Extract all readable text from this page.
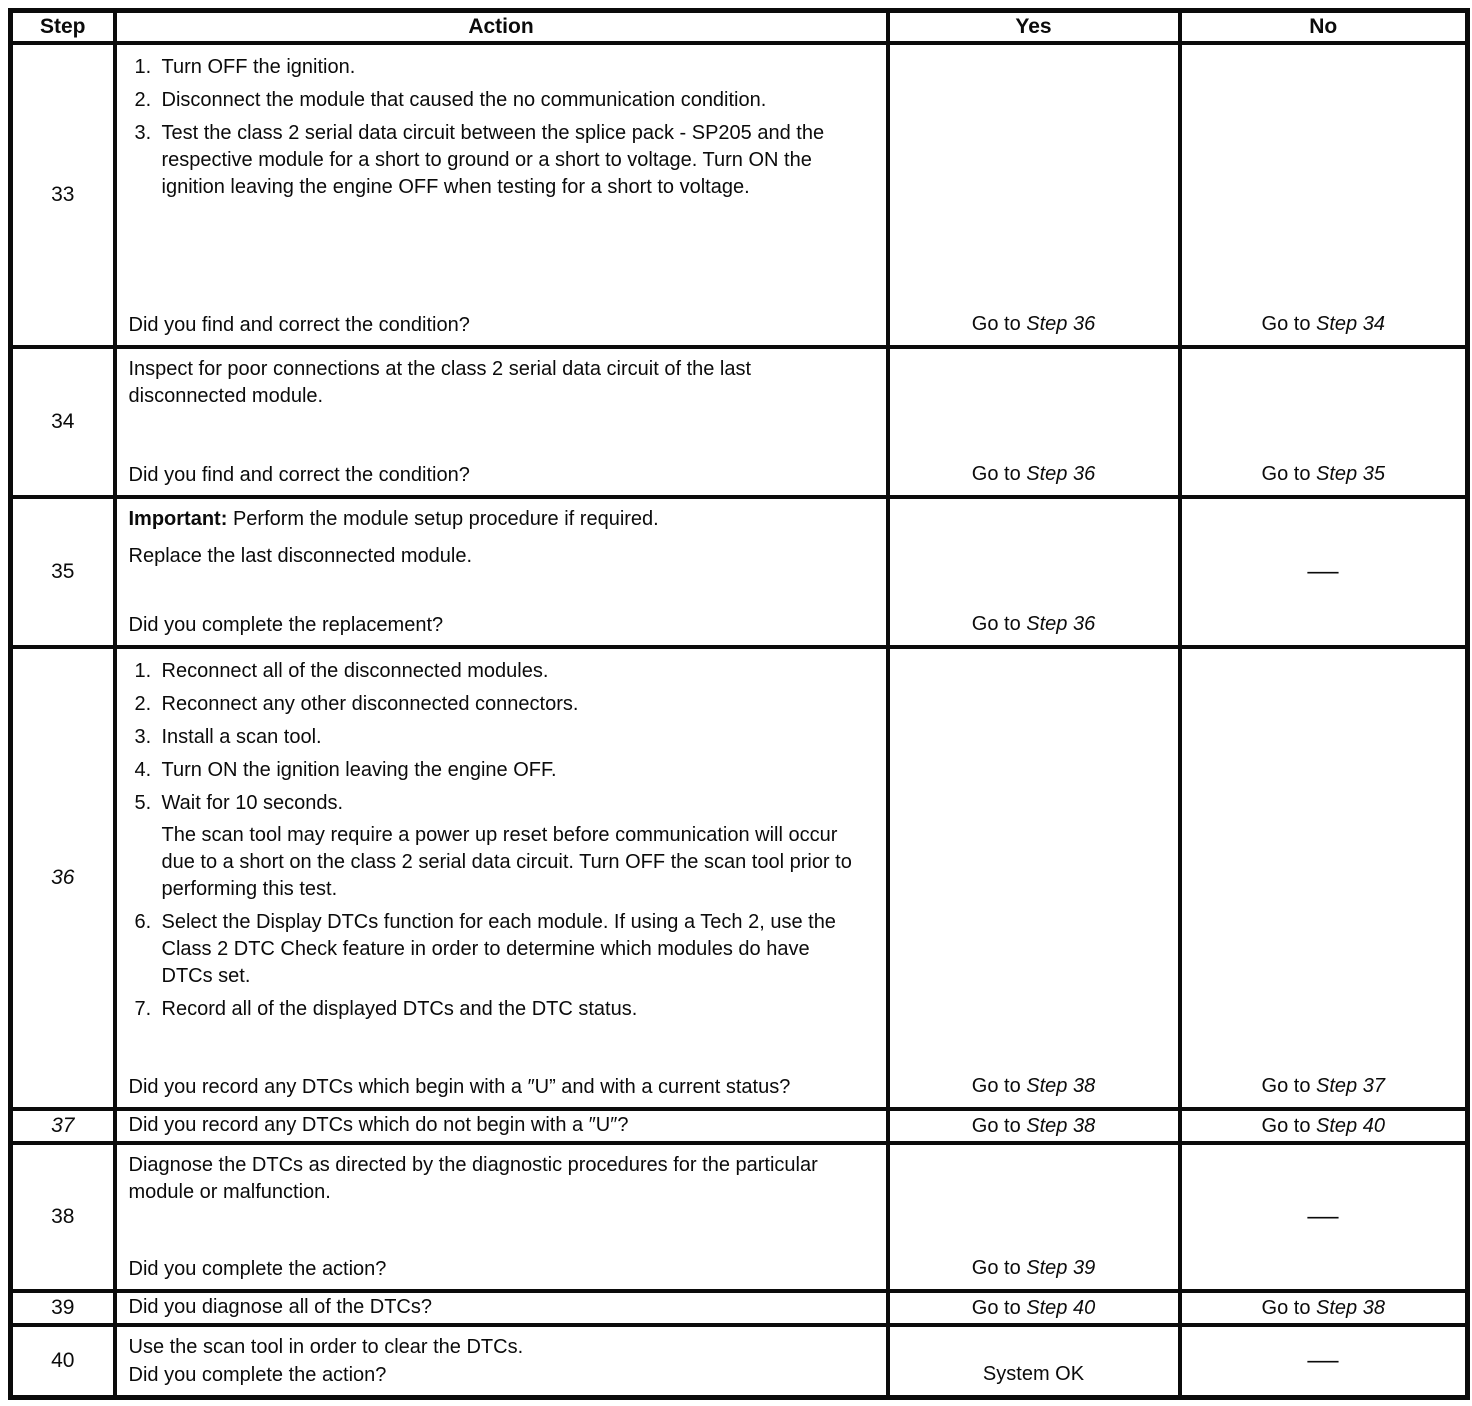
Step	Action	Yes	No
33	
1. Turn OFF the ignition.
2. Disconnect the module that caused the no communication condition.
3. Test the class 2 serial data circuit between the splice pack - SP205 and the respective module for a short to ground or a short to voltage. Turn ON the ignition leaving the engine OFF when testing for a short to voltage.
Did you find and correct the condition?	Go to Step 36	Go to Step 34

34	Inspect for poor connections at the class 2 serial data circuit of the last disconnected module.

Did you find and correct the condition?	Go to Step 36	Go to Step 35

35	Important: Perform the module setup procedure if required.

Replace the last disconnected module.

Did you complete the replacement?	Go to Step 36	—

36	
1. Reconnect all of the disconnected modules.
2. Reconnect any other disconnected connectors.
3. Install a scan tool.
4. Turn ON the ignition leaving the engine OFF.
5. Wait for 10 seconds.
The scan tool may require a power up reset before communication will occur due to a short on the class 2 serial data circuit. Turn OFF the scan tool prior to performing this test.
6. Select the Display DTCs function for each module. If using a Tech 2, use the Class 2 DTC Check feature in order to determine which modules do have DTCs set.
7. Record all of the displayed DTCs and the DTC status.
Did you record any DTCs which begin with a ″U” and with a current status?	Go to Step 38	Go to Step 37

37	Did you record any DTCs which do not begin with a ″U″?	Go to Step 38	Go to Step 40

38	Diagnose the DTCs as directed by the diagnostic procedures for the particular module or malfunction.

Did you complete the action?	Go to Step 39	—

39	Did you diagnose all of the DTCs?	Go to Step 40	Go to Step 38

40	Use the scan tool in order to clear the DTCs.

Did you complete the action?	System OK	—
